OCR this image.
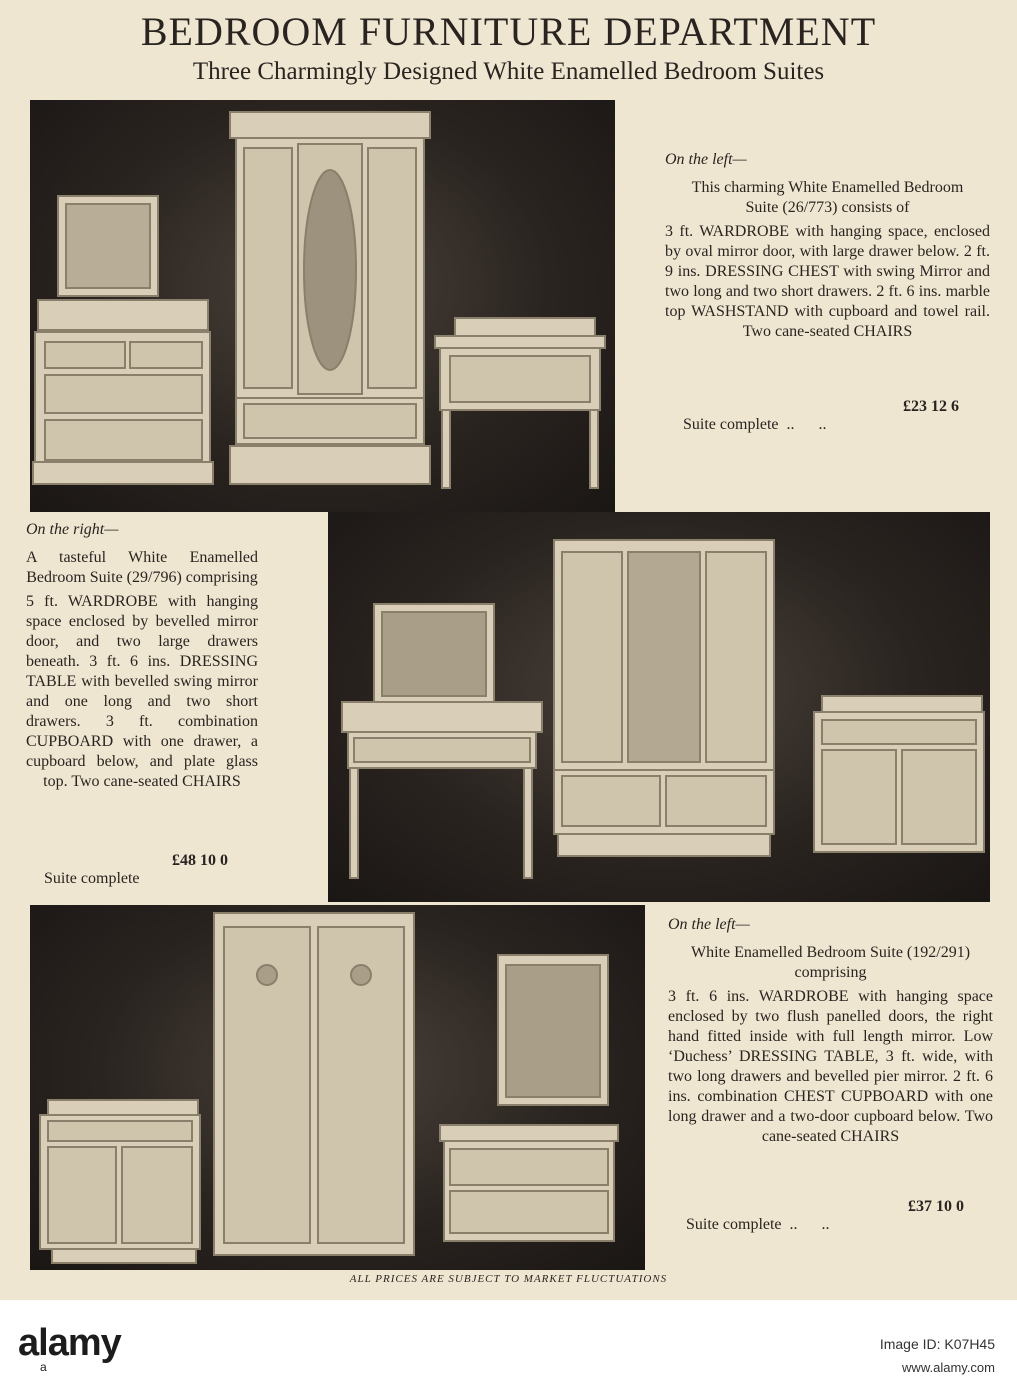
BEDROOM FURNITURE DEPARTMENT
Three Charmingly Designed White Enamelled Bedroom Suites
On the left—
This charming White Enamelled Bedroom Suite (26/773) consists of
3 ft. WARDROBE with hanging space, enclosed by oval mirror door, with large drawer below. 2 ft. 9 ins. DRESSING CHEST with swing Mirror and two long and two short drawers. 2 ft. 6 ins. marble top WASHSTAND with cupboard and towel rail. Two cane-seated CHAIRS

Suite complete  ..      ..

£23 12 6
On the right—
A tasteful White Enamelled Bedroom Suite (29/796) comprising
5 ft. WARDROBE with hanging space enclosed by bevelled mirror door, and two large drawers beneath. 3 ft. 6 ins. DRESSING TABLE with bevelled swing mirror and one long and two short drawers. 3 ft. combination CUPBOARD with one drawer, a cupboard below, and plate glass top. Two cane-seated CHAIRS

Suite complete

£48 10 0
On the left—
White Enamelled Bedroom Suite (192/291) comprising
3 ft. 6 ins. WARDROBE with hanging space enclosed by two flush panelled doors, the right hand fitted inside with full length mirror. Low ‘Duchess’ DRESSING TABLE, 3 ft. wide, with two long drawers and bevelled pier mirror. 2 ft. 6 ins. combination CHEST CUPBOARD with one long drawer and a two-door cupboard below. Two cane-seated CHAIRS

Suite complete  ..      ..

£37 10 0
ALL PRICES ARE SUBJECT TO MARKET FLUCTUATIONS
alamy
a
Image ID: K07H45
www.alamy.com
